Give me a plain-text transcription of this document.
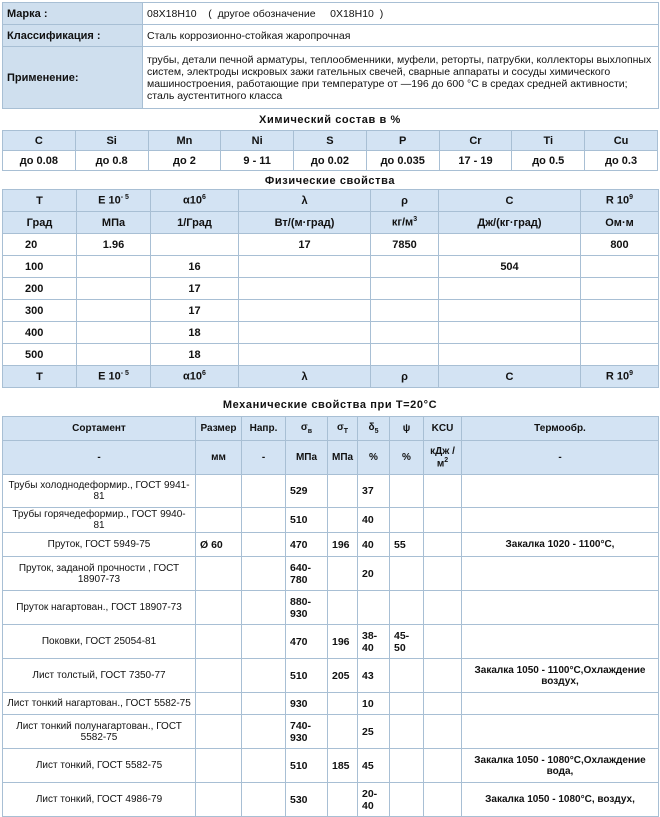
Марка :	08Х18Н10    (  другое обозначение     0Х18Н10  )
Классификация :	Сталь коррозионно-стойкая жаропрочная
Применение:	трубы, детали печной арматуры, теплообменники, муфели, реторты, патрубки, коллекторы выхлопных систем, электроды искровых зажи гательных свечей, сварные аппараты и сосуды химического машиностроения, работающие при температуре от —196 до 600 °С в средах средней активности; сталь аустентитного класса
Химический состав в %
C	Si	Mn	Ni	S	P	Cr	Ti	Cu
до 0.08	до 0.8	до 2	9 - 11	до 0.02	до 0.035	17 - 19	до 0.5	до 0.3
Физические свойства
T	E $10^{- 5}$	$\alpha 10^6$	λ	ρ	C	R $10^9$
Град	МПа	1/Град	Вт/(м·град)	$кг/м^3$	Дж/(кг·град)	Ом·м
20	1.96		17	7850		800
100		16			504	
200		17				
300		17				
400		18				
500		18				
T	E $10^{- 5}$	$\alpha 10^6$	λ	ρ	C	R $10^9$
Механические свойства при Т=20°С
Сортамент	Размер	Напр.	$\sigma_в$	$\sigma_T$	$\delta_5$	ψ	KCU	Термообр.
-	мм	-	МПа	МПа	%	%	кДж / $м^2$	-
Трубы холоднодеформир., ГОСТ 9941-81			529		37			
Трубы горячедеформир., ГОСТ 9940-81			510		40			
Пруток, ГОСТ 5949-75	Ø 60		470	196	40	55		Закалка 1020 - 1100°С,
Пруток, заданой прочности , ГОСТ 18907-73			640-780		20			
Пруток нагартован., ГОСТ 18907-73			880-930					
Поковки, ГОСТ 25054-81			470	196	38-40	45-50		
Лист толстый, ГОСТ 7350-77			510	205	43			Закалка 1050 - 1100°С,Охлаждение воздух,
Лист тонкий нагартован., ГОСТ 5582-75			930		10			
Лист тонкий полунагартован., ГОСТ 5582-75			740-930		25			
Лист тонкий, ГОСТ 5582-75			510	185	45			Закалка 1050 - 1080°С,Охлаждение вода,
Лист тонкий, ГОСТ 4986-79			530		20-40			Закалка 1050 - 1080°С, воздух,
